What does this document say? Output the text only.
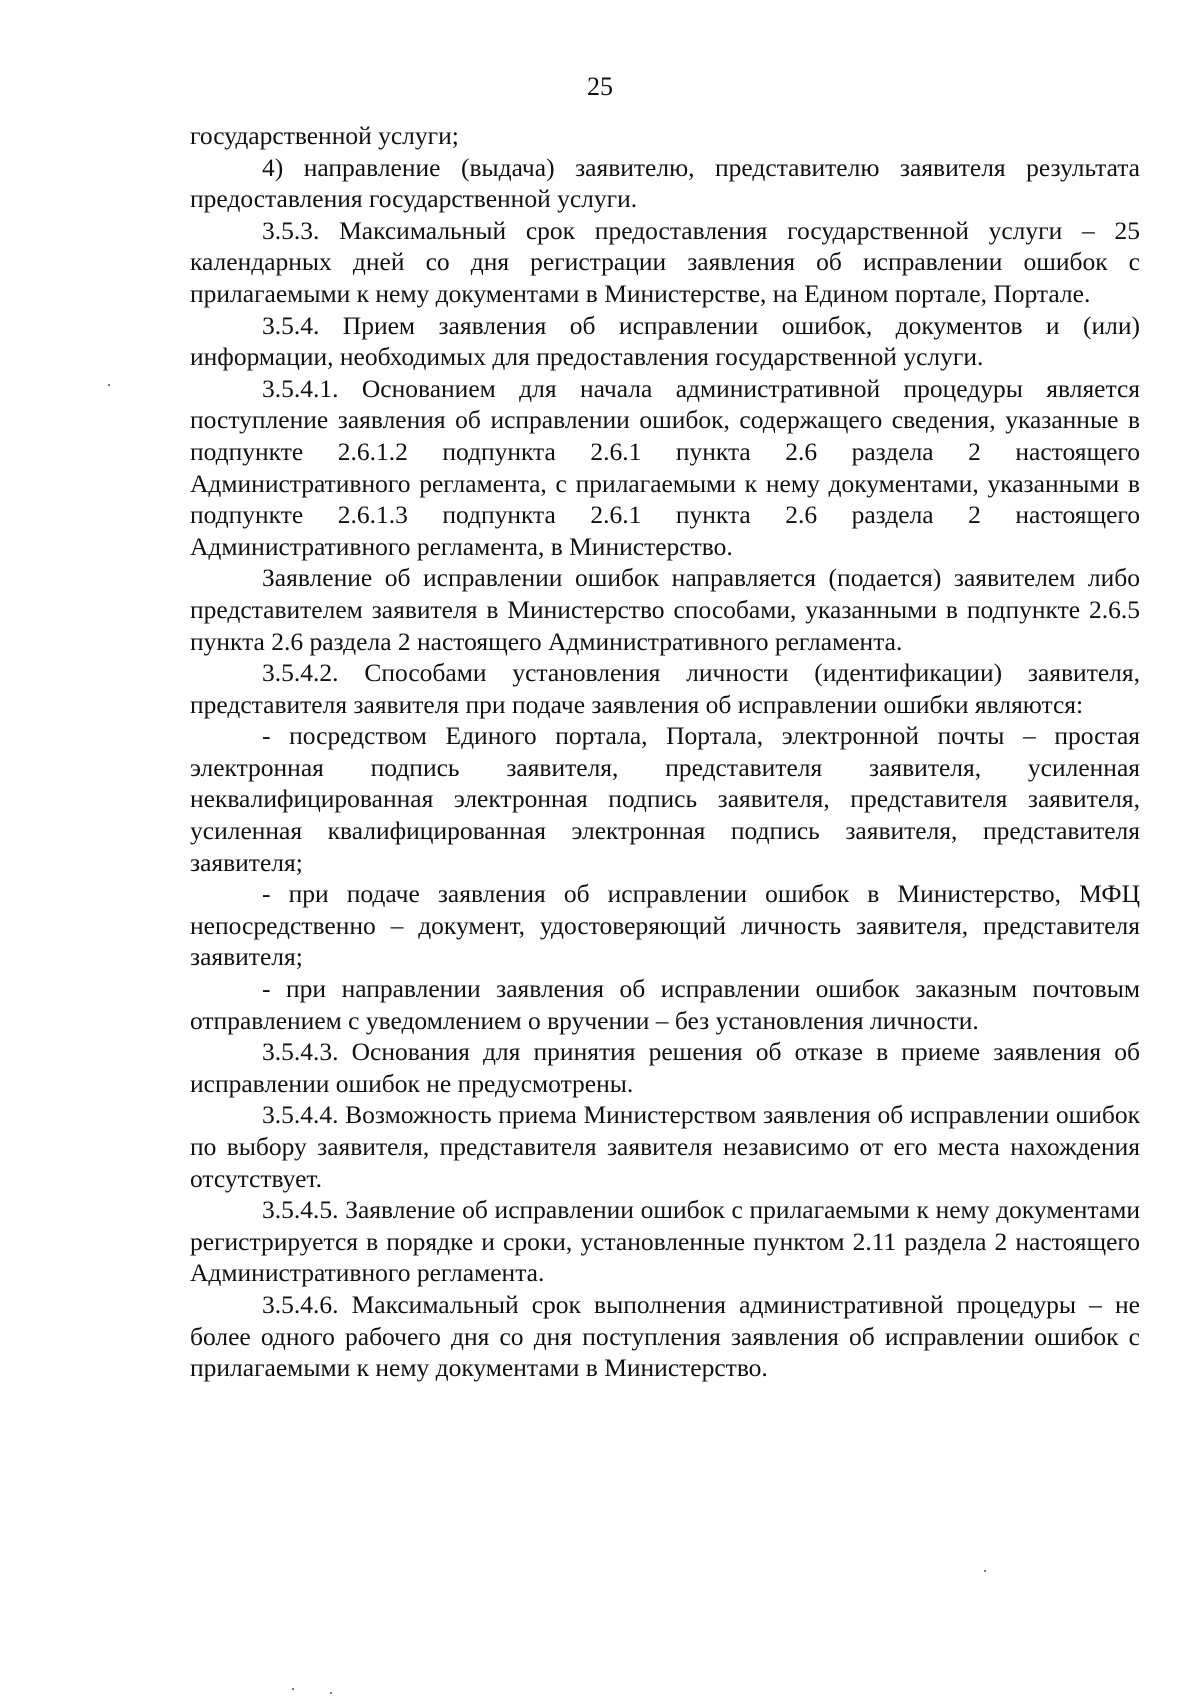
25

государственной услуги;

4) направление (выдача) заявителю, представителю заявителя результата предоставления государственной услуги.

3.5.3. Максимальный срок предоставления государственной услуги – 25 календарных дней со дня регистрации заявления об исправлении ошибок с прилагаемыми к нему документами в Министерстве, на Едином портале, Портале.

3.5.4. Прием заявления об исправлении ошибок, документов и (или) информации, необходимых для предоставления государственной услуги.

3.5.4.1. Основанием для начала административной процедуры является поступление заявления об исправлении ошибок, содержащего сведения, указанные в подпункте 2.6.1.2 подпункта 2.6.1 пункта 2.6 раздела 2 настоящего Административного регламента, с прилагаемыми к нему документами, указанными в подпункте 2.6.1.3 подпункта 2.6.1 пункта 2.6 раздела 2 настоящего Административного регламента, в Министерство.

Заявление об исправлении ошибок направляется (подается) заявителем либо представителем заявителя в Министерство способами, указанными в подпункте 2.6.5 пункта 2.6 раздела 2 настоящего Административного регламента.

3.5.4.2. Способами установления личности (идентификации) заявителя, представителя заявителя при подаче заявления об исправлении ошибки являются:

- посредством Единого портала, Портала, электронной почты – простая электронная подпись заявителя, представителя заявителя, усиленная неквалифицированная электронная подпись заявителя, представителя заявителя, усиленная квалифицированная электронная подпись заявителя, представителя заявителя;

- при подаче заявления об исправлении ошибок в Министерство, МФЦ непосредственно – документ, удостоверяющий личность заявителя, представителя заявителя;

- при направлении заявления об исправлении ошибок заказным почтовым отправлением с уведомлением о вручении – без установления личности.

3.5.4.3. Основания для принятия решения об отказе в приеме заявления об исправлении ошибок не предусмотрены.

3.5.4.4. Возможность приема Министерством заявления об исправлении ошибок по выбору заявителя, представителя заявителя независимо от его места нахождения отсутствует.

3.5.4.5. Заявление об исправлении ошибок с прилагаемыми к нему документами регистрируется в порядке и сроки, установленные пунктом 2.11 раздела 2 настоящего Административного регламента.

3.5.4.6. Максимальный срок выполнения административной процедуры – не более одного рабочего дня со дня поступления заявления об исправлении ошибок с прилагаемыми к нему документами в Министерство.
